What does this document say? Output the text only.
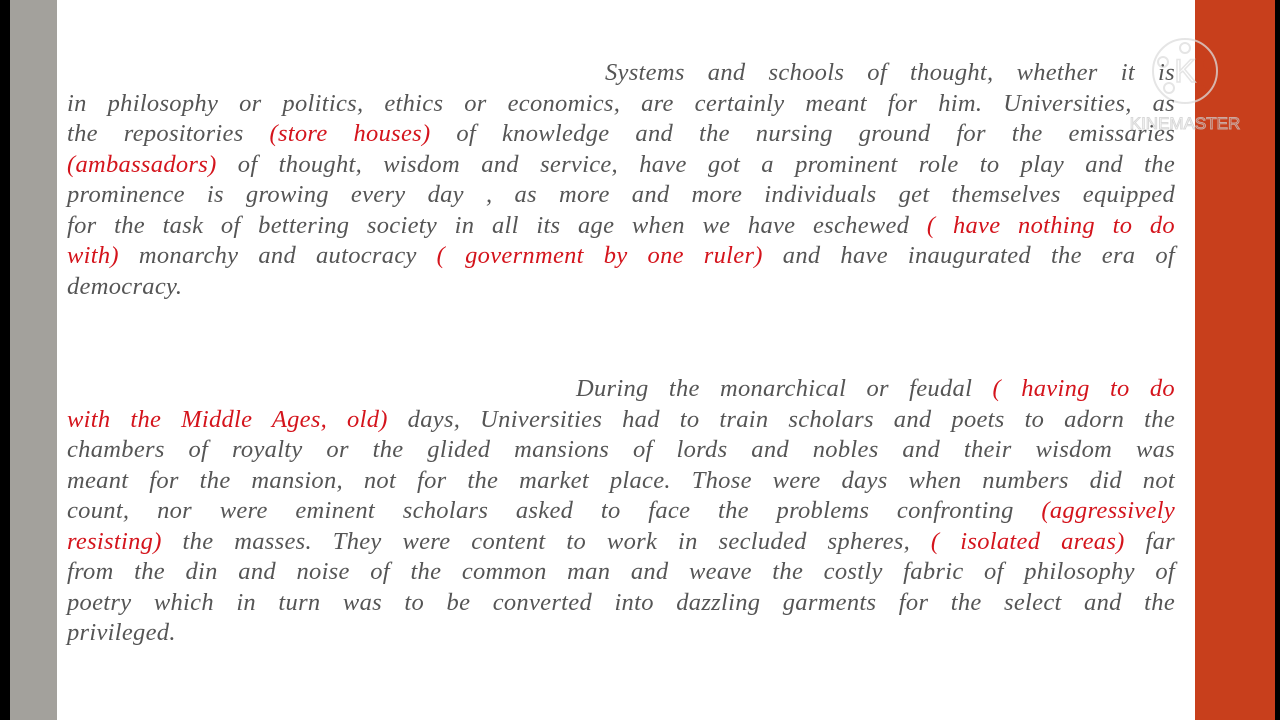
K
KINEMASTER
Systems and schools of thought, whether it is
in philosophy or politics, ethics or economics, are certainly meant for him. Universities, as
the repositories (store houses) of knowledge and the nursing ground for the emissaries
(ambassadors) of thought, wisdom and service, have got a prominent role to play and the
prominence is growing every day , as more and more individuals get themselves equipped
for the task of bettering society in all its age when we have eschewed ( have nothing to do
with) monarchy and autocracy ( government by one ruler) and have inaugurated the era of
democracy.
During the monarchical or feudal ( having to do
with the Middle Ages, old) days, Universities had to train scholars and poets to adorn the
chambers of royalty or the glided mansions of lords and nobles and their wisdom was
meant for the mansion, not for the market place. Those were days when numbers did not
count, nor were eminent scholars asked to face the problems confronting (aggressively
resisting) the masses. They were content to work in secluded spheres, ( isolated areas) far
from the din and noise of the common man and weave the costly fabric of philosophy of
poetry which in turn was to be converted into dazzling garments for the select and the
privileged.
